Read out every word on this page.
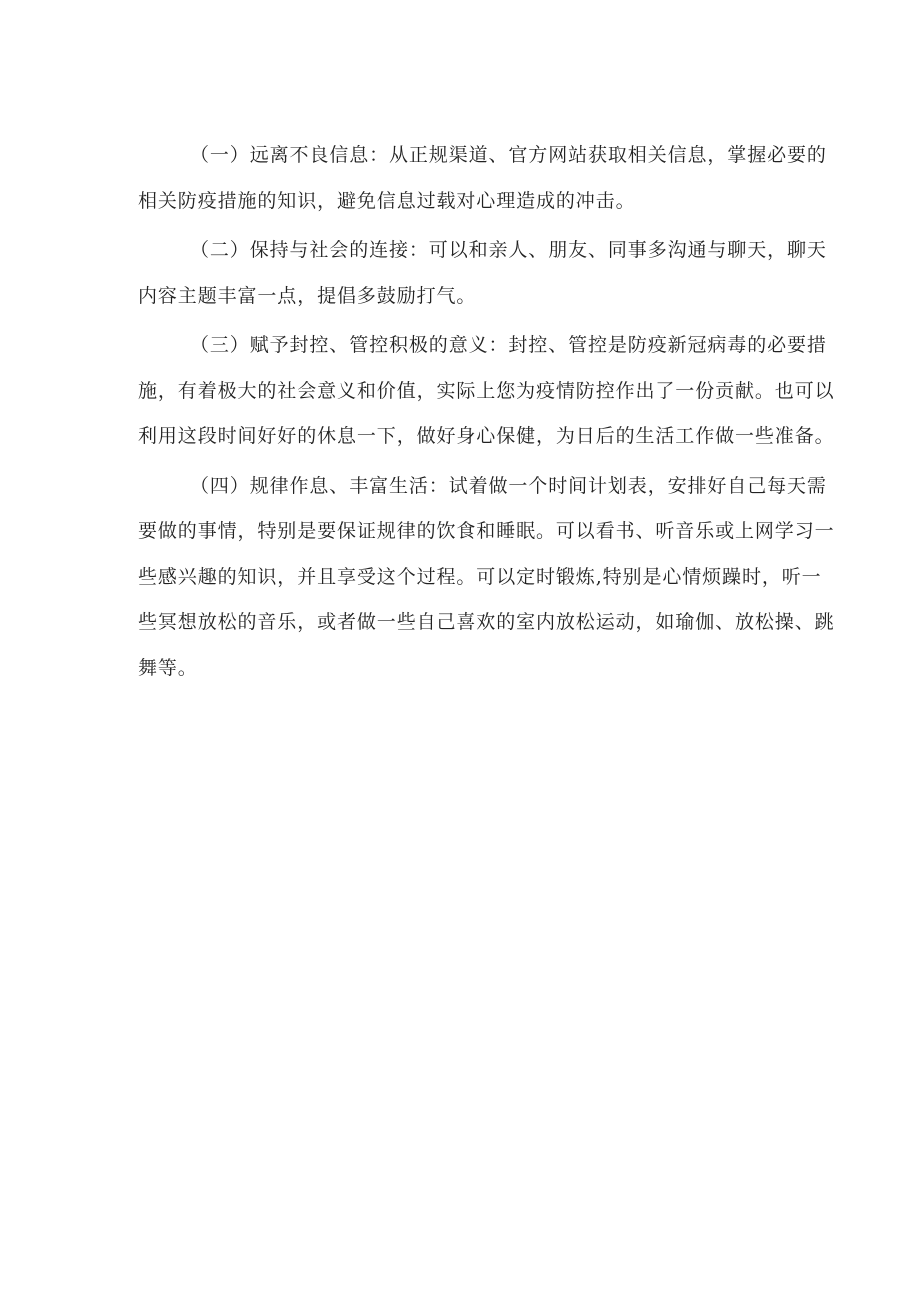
（一）远离不良信息：从正规渠道、官方网站获取相关信息，掌握必要的
相关防疫措施的知识，避免信息过载对心理造成的冲击。
（二）保持与社会的连接：可以和亲人、朋友、同事多沟通与聊天，聊天
内容主题丰富一点，提倡多鼓励打气。
（三）赋予封控、管控积极的意义：封控、管控是防疫新冠病毒的必要措
施，有着极大的社会意义和价值，实际上您为疫情防控作出了一份贡献。也可以
利用这段时间好好的休息一下，做好身心保健，为日后的生活工作做一些准备。
（四）规律作息、丰富生活：试着做一个时间计划表，安排好自己每天需
要做的事情，特别是要保证规律的饮食和睡眠。可以看书、听音乐或上网学习一
些感兴趣的知识，并且享受这个过程。可以定时锻炼,特别是心情烦躁时，听一
些冥想放松的音乐，或者做一些自己喜欢的室内放松运动，如瑜伽、放松操、跳
舞等。
